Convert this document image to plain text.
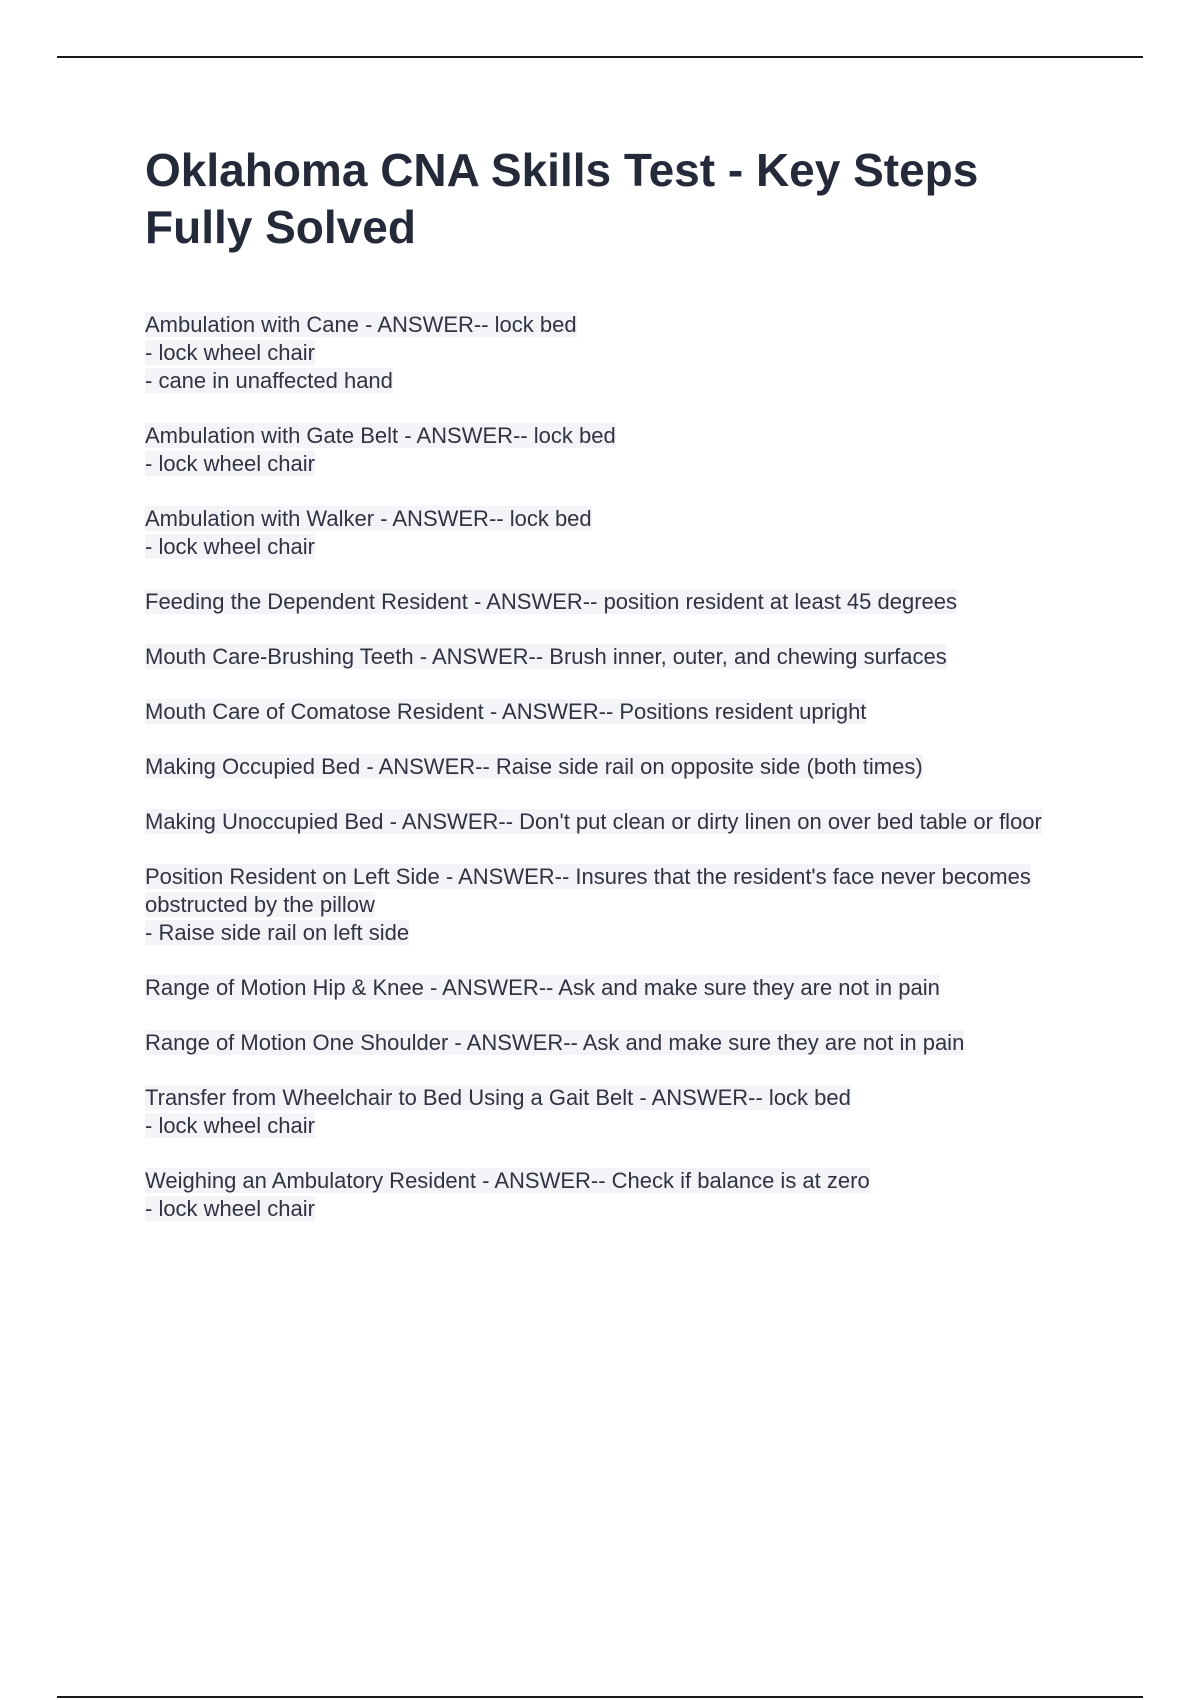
Oklahoma CNA Skills Test - Key Steps Fully Solved
Ambulation with Cane - ANSWER-- lock bed
- lock wheel chair
- cane in unaffected hand
Ambulation with Gate Belt - ANSWER-- lock bed
- lock wheel chair
Ambulation with Walker - ANSWER-- lock bed
- lock wheel chair
Feeding the Dependent Resident - ANSWER-- position resident at least 45 degrees
Mouth Care-Brushing Teeth - ANSWER-- Brush inner, outer, and chewing surfaces
Mouth Care of Comatose Resident - ANSWER-- Positions resident upright
Making Occupied Bed - ANSWER-- Raise side rail on opposite side (both times)
Making Unoccupied Bed - ANSWER-- Don't put clean or dirty linen on over bed table or floor
Position Resident on Left Side - ANSWER-- Insures that the resident's face never becomes obstructed by the pillow
- Raise side rail on left side
Range of Motion Hip & Knee - ANSWER-- Ask and make sure they are not in pain
Range of Motion One Shoulder - ANSWER-- Ask and make sure they are not in pain
Transfer from Wheelchair to Bed Using a Gait Belt - ANSWER-- lock bed
- lock wheel chair
Weighing an Ambulatory Resident - ANSWER-- Check if balance is at zero
- lock wheel chair
